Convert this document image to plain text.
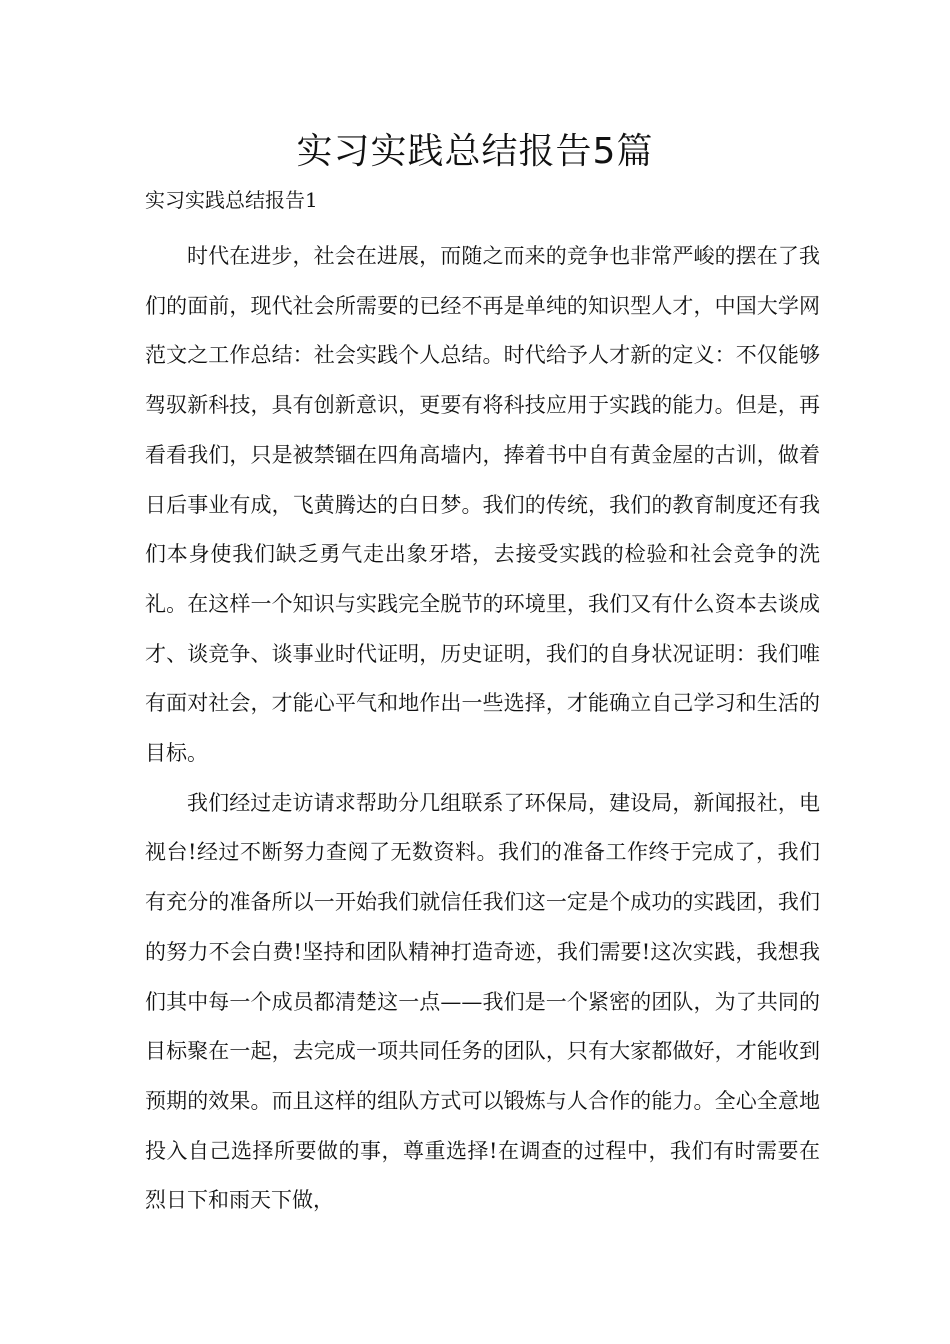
实习实践总结报告5篇

实习实践总结报告1

时代在进步，社会在进展，而随之而来的竞争也非常严峻的摆在了我们的面前，现代社会所需要的已经不再是单纯的知识型人才，中国大学网范文之工作总结：社会实践个人总结。时代给予人才新的定义：不仅能够驾驭新科技，具有创新意识，更要有将科技应用于实践的能力。但是，再看看我们，只是被禁锢在四角高墙内，捧着书中自有黄金屋的古训，做着日后事业有成，飞黄腾达的白日梦。我们的传统，我们的教育制度还有我们本身使我们缺乏勇气走出象牙塔，去接受实践的检验和社会竞争的洗礼。在这样一个知识与实践完全脱节的环境里，我们又有什么资本去谈成才、谈竞争、谈事业时代证明，历史证明，我们的自身状况证明：我们唯有面对社会，才能心平气和地作出一些选择，才能确立自己学习和生活的目标。

我们经过走访请求帮助分几组联系了环保局，建设局，新闻报社，电视台!经过不断努力查阅了无数资料。我们的准备工作终于完成了，我们有充分的准备所以一开始我们就信任我们这一定是个成功的实践团，我们的努力不会白费!坚持和团队精神打造奇迹，我们需要!这次实践，我想我们其中每一个成员都清楚这一点——我们是一个紧密的团队，为了共同的目标聚在一起，去完成一项共同任务的团队，只有大家都做好，才能收到预期的效果。而且这样的组队方式可以锻炼与人合作的能力。全心全意地投入自己选择所要做的事，尊重选择!在调查的过程中，我们有时需要在烈日下和雨天下做，
